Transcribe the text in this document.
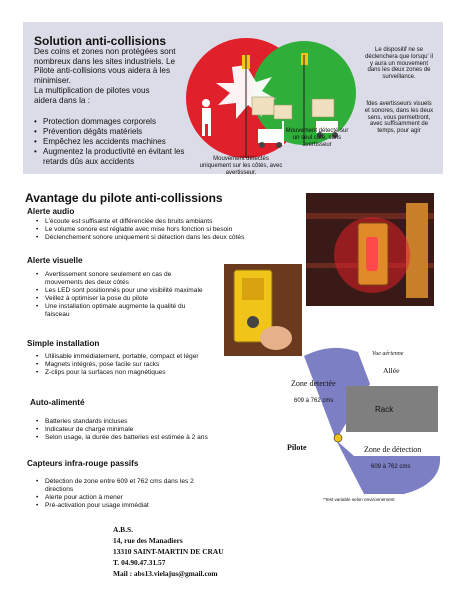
Solution anti-collisions
Des coins et zones non protégées sont nombreux dans les sites industriels. Le Pilote anti-collisions vous aidera à les minimiser.
La multiplication de pilotes vous aidera dans la :
• Protection dommages corporels
• Prévention dégâts matériels
• Empêchez les accidents machines
• Augmentez la productivité en évitant les retards dûs aux accidents	Mouvement détectés uniquement sur les côtés, avec avertisseur.
Mouvement détecté sur un seul côté, sans avertisseur
Le dispositif ne se déclenchera que lorsqu' il y aura un mouvement dans les deux zones de surveillance.
fdes avertisseurs visuels et sonores, dans les deux sens, vous permettront, avec suffisamment de temps, pour agir
Avantage du pilote anti-collissions
Alerte audio
• L'écoute est suffisante et différenciée des bruits ambiants
• Le volume sonore est réglable avec mise hors fonction si besoin
• Déclenchement sonore uniquement si détection dans les deux côtés
Alerte visuelle
• Avertissement sonore seulement en cas de mouvements des deux côtés
• Les LED sont positionnés pour une visibilité maximale
• Veillez à optimiser la pose du pilote
• Une installation optimale augmente la qualité du faisceau
Simple installation
• Utilisable immédiatement, portable, compact et léger
• Magnets intégrés, pose facile sur racks
• Z-clips pour la surfaces non magnétiques
Auto-alimenté
• Batteries standards incluses
• Indicateur de charge minimale
• Selon usage, la durée des batteries est estimée à 2 ans
Capteurs infra-rouge passifs
• Détection de zone entre 609 et 762 cms dans les 2 directions
• Alerte pour action à mener
• Pré-activation pour usage immédiat
Vue aérienne
Allée
Zone detectée
609 à 762 cms
Rack
Pilote	Zone de détection
609 à 762 cms
*Test variable selon environnement
A.B.S.
14, rue des Manadiers
13310 SAINT-MARTIN DE CRAU
T. 04.90.47.31.57
Mail : abs13.vielajus@gmail.com
